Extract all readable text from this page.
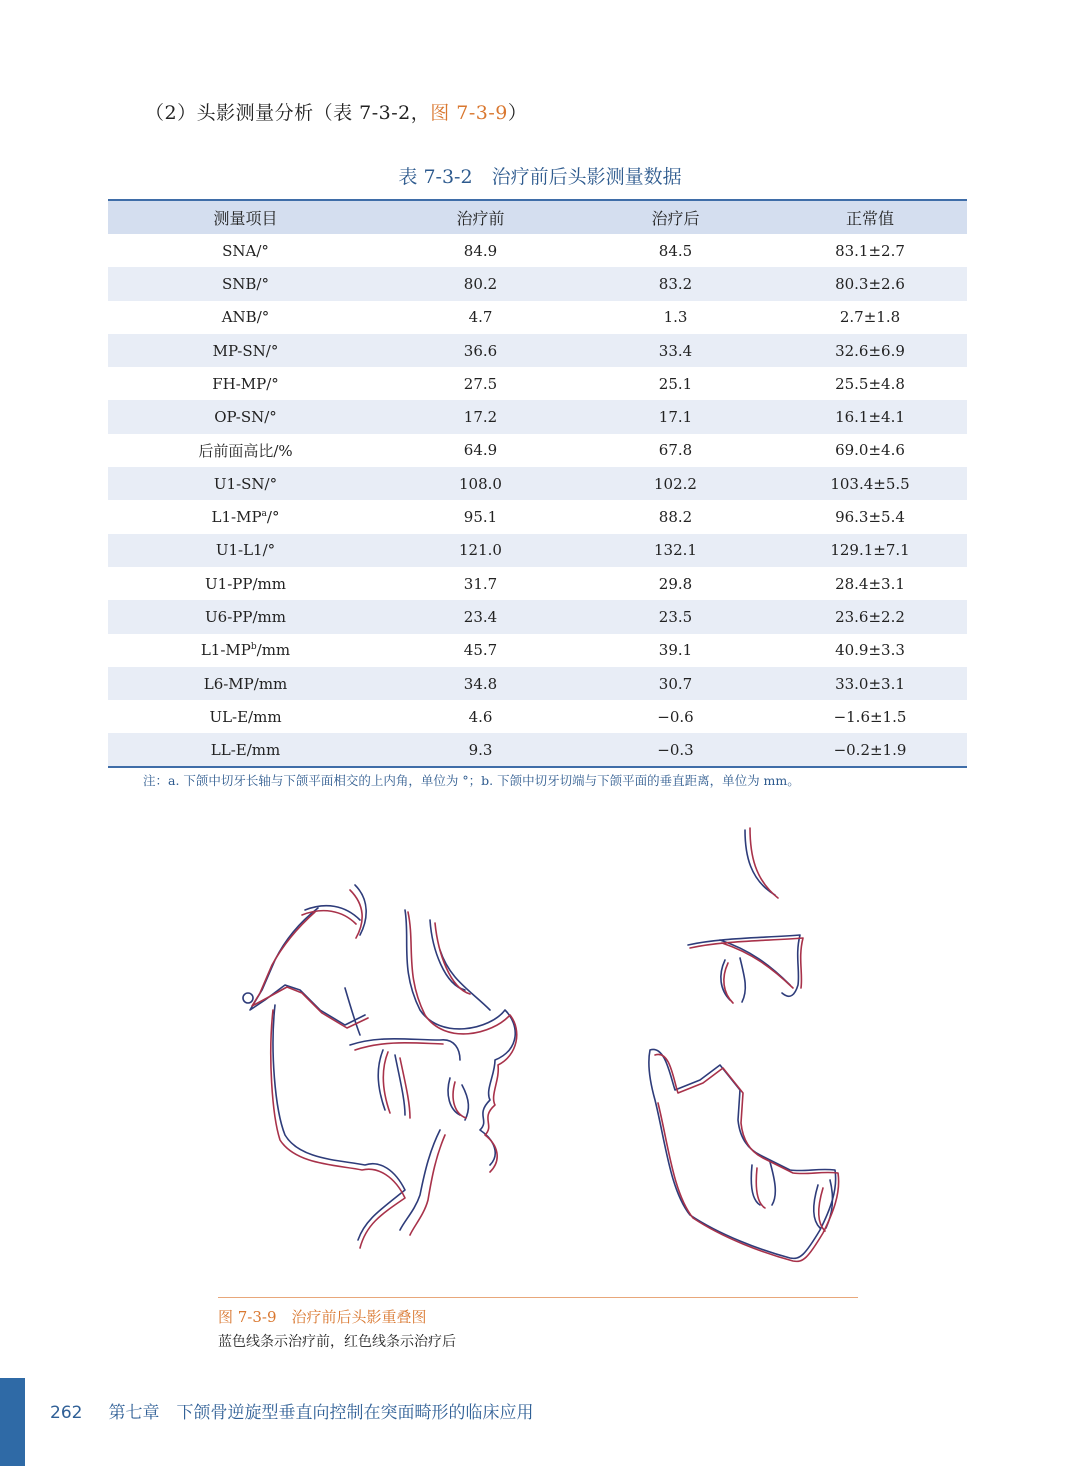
（2）头影测量分析（表 7-3-2，图 7-3-9）
表 7-3-2　治疗前后头影测量数据
测量项目	治疗前	治疗后	正常值
SNA/°	84.9	84.5	83.1±2.7
SNB/°	80.2	83.2	80.3±2.6
ANB/°	4.7	1.3	2.7±1.8
MP-SN/°	36.6	33.4	32.6±6.9
FH-MP/°	27.5	25.1	25.5±4.8
OP-SN/°	17.2	17.1	16.1±4.1
后前面高比/%	64.9	67.8	69.0±4.6
U1-SN/°	108.0	102.2	103.4±5.5
$L1-MP^a/^\circ$	95.1	88.2	96.3±5.4
U1-L1/°	121.0	132.1	129.1±7.1
U1-PP/mm	31.7	29.8	28.4±3.1
U6-PP/mm	23.4	23.5	23.6±2.2
$L1-MP^b/mm$	45.7	39.1	40.9±3.3
L6-MP/mm	34.8	30.7	33.0±3.1
UL-E/mm	4.6	−0.6	−1.6±1.5
LL-E/mm	9.3	−0.3	−0.2±1.9
注：a. 下颌中切牙长轴与下颌平面相交的上内角，单位为 °；b. 下颌中切牙切端与下颌平面的垂直距离，单位为 mm。
图 7-3-9　治疗前后头影重叠图
蓝色线条示治疗前，红色线条示治疗后
262 第七章　下颌骨逆旋型垂直向控制在突面畸形的临床应用
